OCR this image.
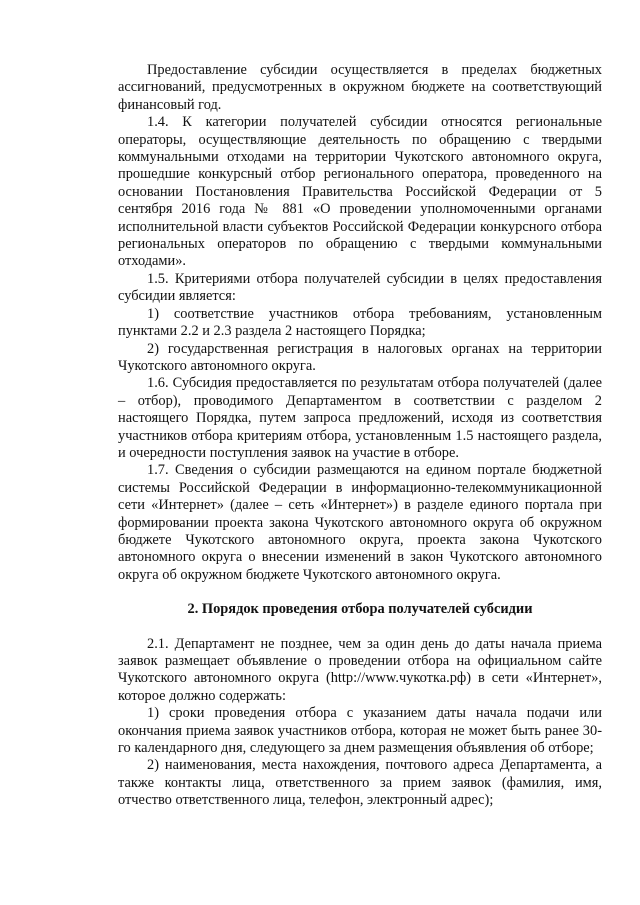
Предоставление субсидии осуществляется в пределах бюджетных ассигнований, предусмотренных в окружном бюджете на соответствующий финансовый год.

1.4. К категории получателей субсидии относятся региональные операторы, осуществляющие деятельность по обращению с твердыми коммунальными отходами на территории Чукотского автономного округа, прошедшие конкурсный отбор регионального оператора, проведенного на основании Постановления Правительства Российской Федерации от 5 сентября 2016 года № 881 «О проведении уполномоченными органами исполнительной власти субъектов Российской Федерации конкурсного отбора региональных операторов по обращению с твердыми коммунальными отходами».

1.5. Критериями отбора получателей субсидии в целях предоставления субсидии является:

1) соответствие участников отбора требованиям, установленным пунктами 2.2 и 2.3 раздела 2 настоящего Порядка;

2) государственная регистрация в налоговых органах на территории Чукотского автономного округа.

1.6. Субсидия предоставляется по результатам отбора получателей (далее – отбор), проводимого Департаментом в соответствии с разделом 2 настоящего Порядка, путем запроса предложений, исходя из соответствия участников отбора критериям отбора, установленным 1.5 настоящего раздела, и очередности поступления заявок на участие в отборе.

1.7. Сведения о субсидии размещаются на едином портале бюджетной системы Российской Федерации в информационно-телекоммуникационной сети «Интернет» (далее – сеть «Интернет») в разделе единого портала при формировании проекта закона Чукотского автономного округа об окружном бюджете Чукотского автономного округа, проекта закона Чукотского автономного округа о внесении изменений в закон Чукотского автономного округа об окружном бюджете Чукотского автономного округа.

2. Порядок проведения отбора получателей субсидии

2.1. Департамент не позднее, чем за один день до даты начала приема заявок размещает объявление о проведении отбора на официальном сайте Чукотского автономного округа (http://www.чукотка.рф) в сети «Интернет», которое должно содержать:

1) сроки проведения отбора с указанием даты начала подачи или окончания приема заявок участников отбора, которая не может быть ранее 30-го календарного дня, следующего за днем размещения объявления об отборе;

2) наименования, места нахождения, почтового адреса Департамента, а также контакты лица, ответственного за прием заявок (фамилия, имя, отчество ответственного лица, телефон, электронный адрес);
